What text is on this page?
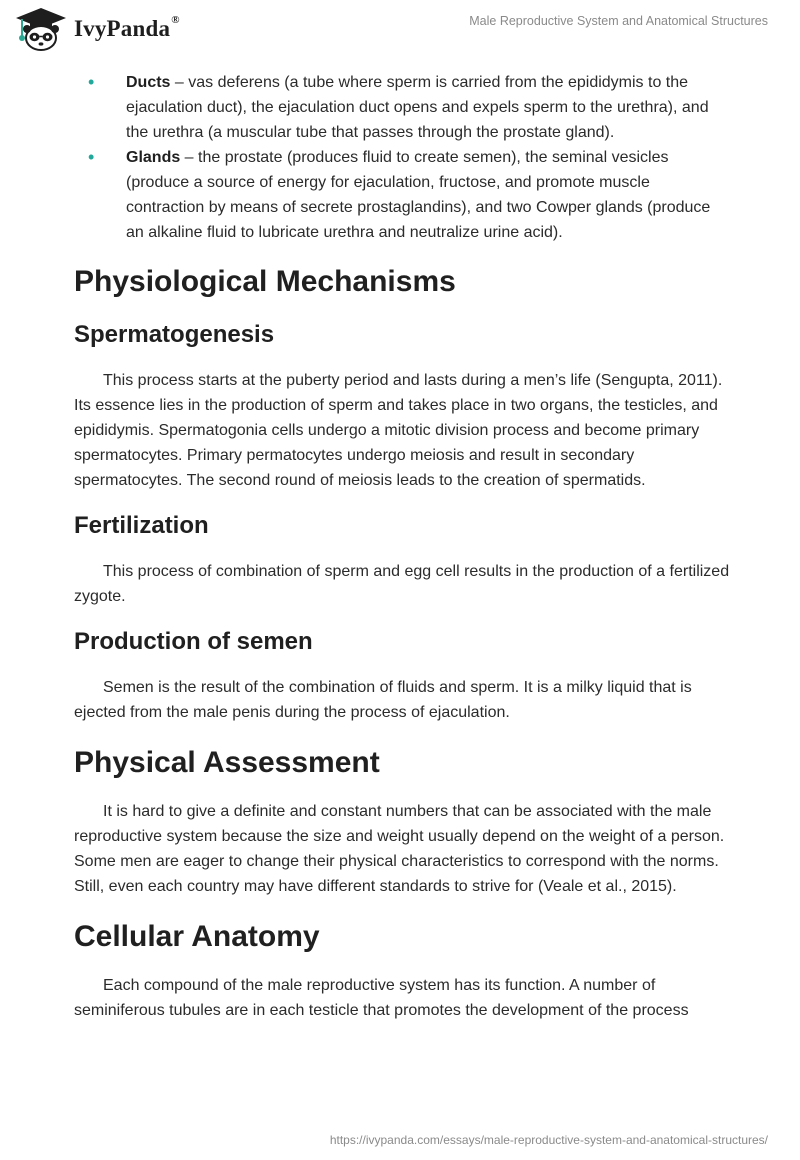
IvyPanda®	Male Reproductive System and Anatomical Structures
• Ducts – vas deferens (a tube where sperm is carried from the epididymis to the ejaculation duct), the ejaculation duct opens and expels sperm to the urethra), and the urethra (a muscular tube that passes through the prostate gland).
• Glands – the prostate (produces fluid to create semen), the seminal vesicles (produce a source of energy for ejaculation, fructose, and promote muscle contraction by means of secrete prostaglandins), and two Cowper glands (produce an alkaline fluid to lubricate urethra and neutralize urine acid).
Physiological Mechanisms
Spermatogenesis

This process starts at the puberty period and lasts during a men’s life (Sengupta, 2011). Its essence lies in the production of sperm and takes place in two organs, the testicles, and epididymis. Spermatogonia cells undergo a mitotic division process and become primary spermatocytes. Primary permatocytes undergo meiosis and result in secondary spermatocytes. The second round of meiosis leads to the creation of spermatids.

Fertilization

This process of combination of sperm and egg cell results in the production of a fertilized zygote.

Production of semen

Semen is the result of the combination of fluids and sperm. It is a milky liquid that is ejected from the male penis during the process of ejaculation.

Physical Assessment

It is hard to give a definite and constant numbers that can be associated with the male reproductive system because the size and weight usually depend on the weight of a person. Some men are eager to change their physical characteristics to correspond with the norms. Still, even each country may have different standards to strive for (Veale et al., 2015).

Cellular Anatomy

Each compound of the male reproductive system has its function. A number of seminiferous tubules are in each testicle that promotes the development of the process

https://ivypanda.com/essays/male-reproductive-system-and-anatomical-structures/
